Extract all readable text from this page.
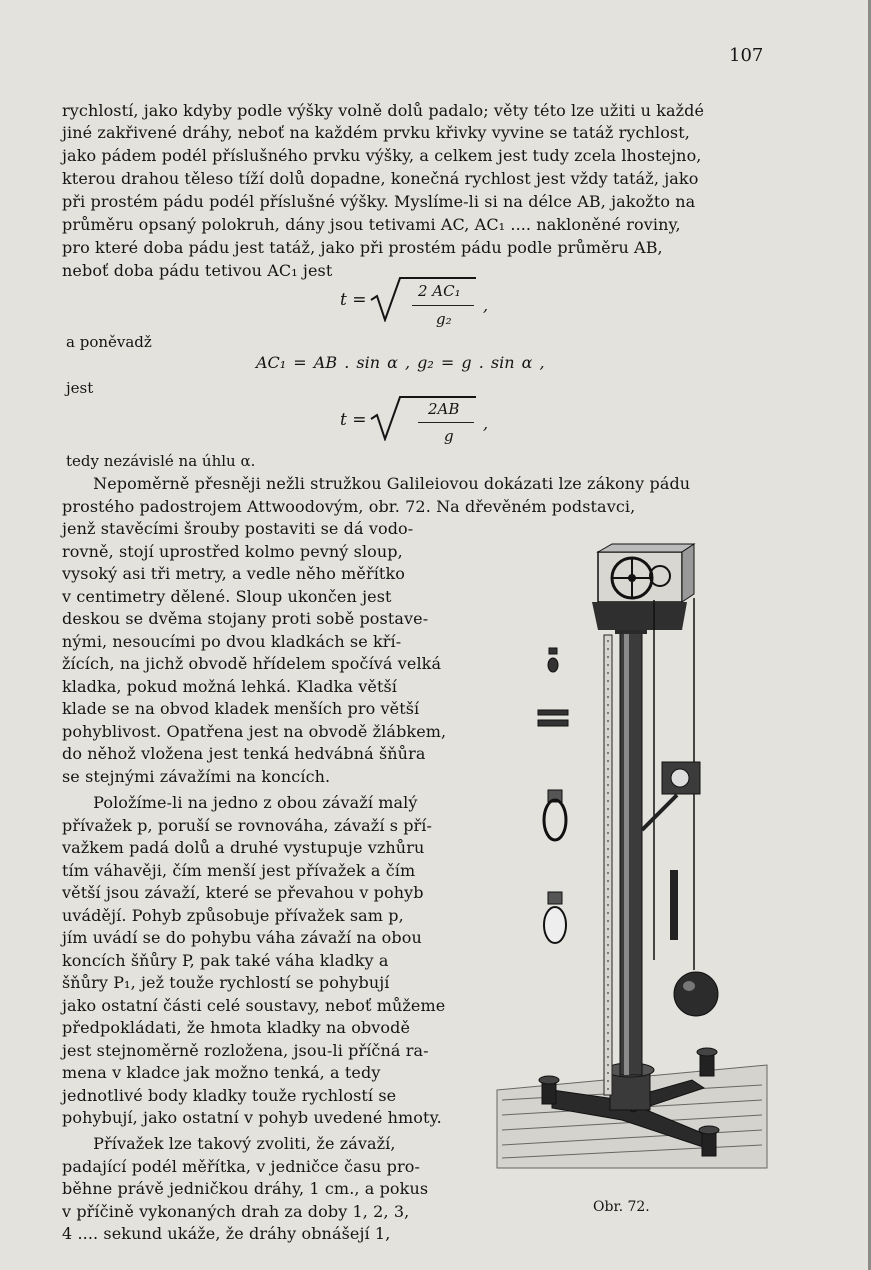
107
rychlostí, jako kdyby podle výšky volně dolů padalo; věty této lze užiti u každé
jiné zakřivené dráhy, neboť na každém prvku křivky vyvine se tatáž rychlost,
jako pádem podél příslušného prvku výšky, a celkem jest tudy zcela lhostejno,
kterou drahou těleso tíží dolů dopadne, konečná rychlost jest vždy tatáž, jako
při prostém pádu podél příslušné výšky. Myslíme-li si na délce AB, jakožto na
průměru opsaný polokruh, dány jsou tetivami AC, AC₁ .... nakloněné roviny,
pro které doba pádu jest tatáž, jako při prostém pádu podle průměru AB,
neboť doba pádu tetivou AC₁ jest
t =	2 AC₁
g₂
,
a poněvadž
AC₁ = AB . sin α , g₂ = g . sin α ,
jest
t =
2AB
g
,
tedy nezávislé na úhlu α.
Nepoměrně přesněji nežli stružkou Galileiovou dokázati lze zákony pádu
prostého padostrojem Attwoodovým, obr. 72. Na dřevěném podstavci,
jenž stavěcími šrouby postaviti se dá vodo-
rovně, stojí uprostřed kolmo pevný sloup,
vysoký asi tři metry, a vedle něho měřítko
v centimetry dělené. Sloup ukončen jest
deskou se dvěma stojany proti sobě postave-
nými, nesoucími po dvou kladkách se kří-
žících, na jichž obvodě hřídelem spočívá velká
kladka, pokud možná lehká. Kladka větší
klade se na obvod kladek menších pro větší
pohyblivost. Opatřena jest na obvodě žlábkem,
do něhož vložena jest tenká hedvábná šňůra
se stejnými závažími na koncích.
Položíme-li na jedno z obou závaží malý
přívažek p, poruší se rovnováha, závaží s pří-
važkem padá dolů a druhé vystupuje vzhůru
tím váhavěji, čím menší jest přívažek a čím
větší jsou závaží, které se převahou v pohyb
uvádějí. Pohyb způsobuje přívažek sam p,
jím uvádí se do pohybu váha závaží na obou
koncích šňůry P, pak také váha kladky a
šňůry P₁, jež touže rychlostí se pohybují
jako ostatní části celé soustavy, neboť můžeme
předpokládati, že hmota kladky na obvodě
jest stejnoměrně rozložena, jsou-li příčná ra-
mena v kladce jak možno tenká, a tedy
jednotlivé body kladky touže rychlostí se
pohybují, jako ostatní v pohyb uvedené hmoty.
Přívažek lze takový zvoliti, že závaží,
padající podél měřítka, v jedničce času pro-
běhne právě jedničkou dráhy, 1 cm., a pokus
v příčině vykonaných drah za doby 1, 2, 3,
4 .... sekund ukáže, že dráhy obnášejí 1,
Obr. 72.
